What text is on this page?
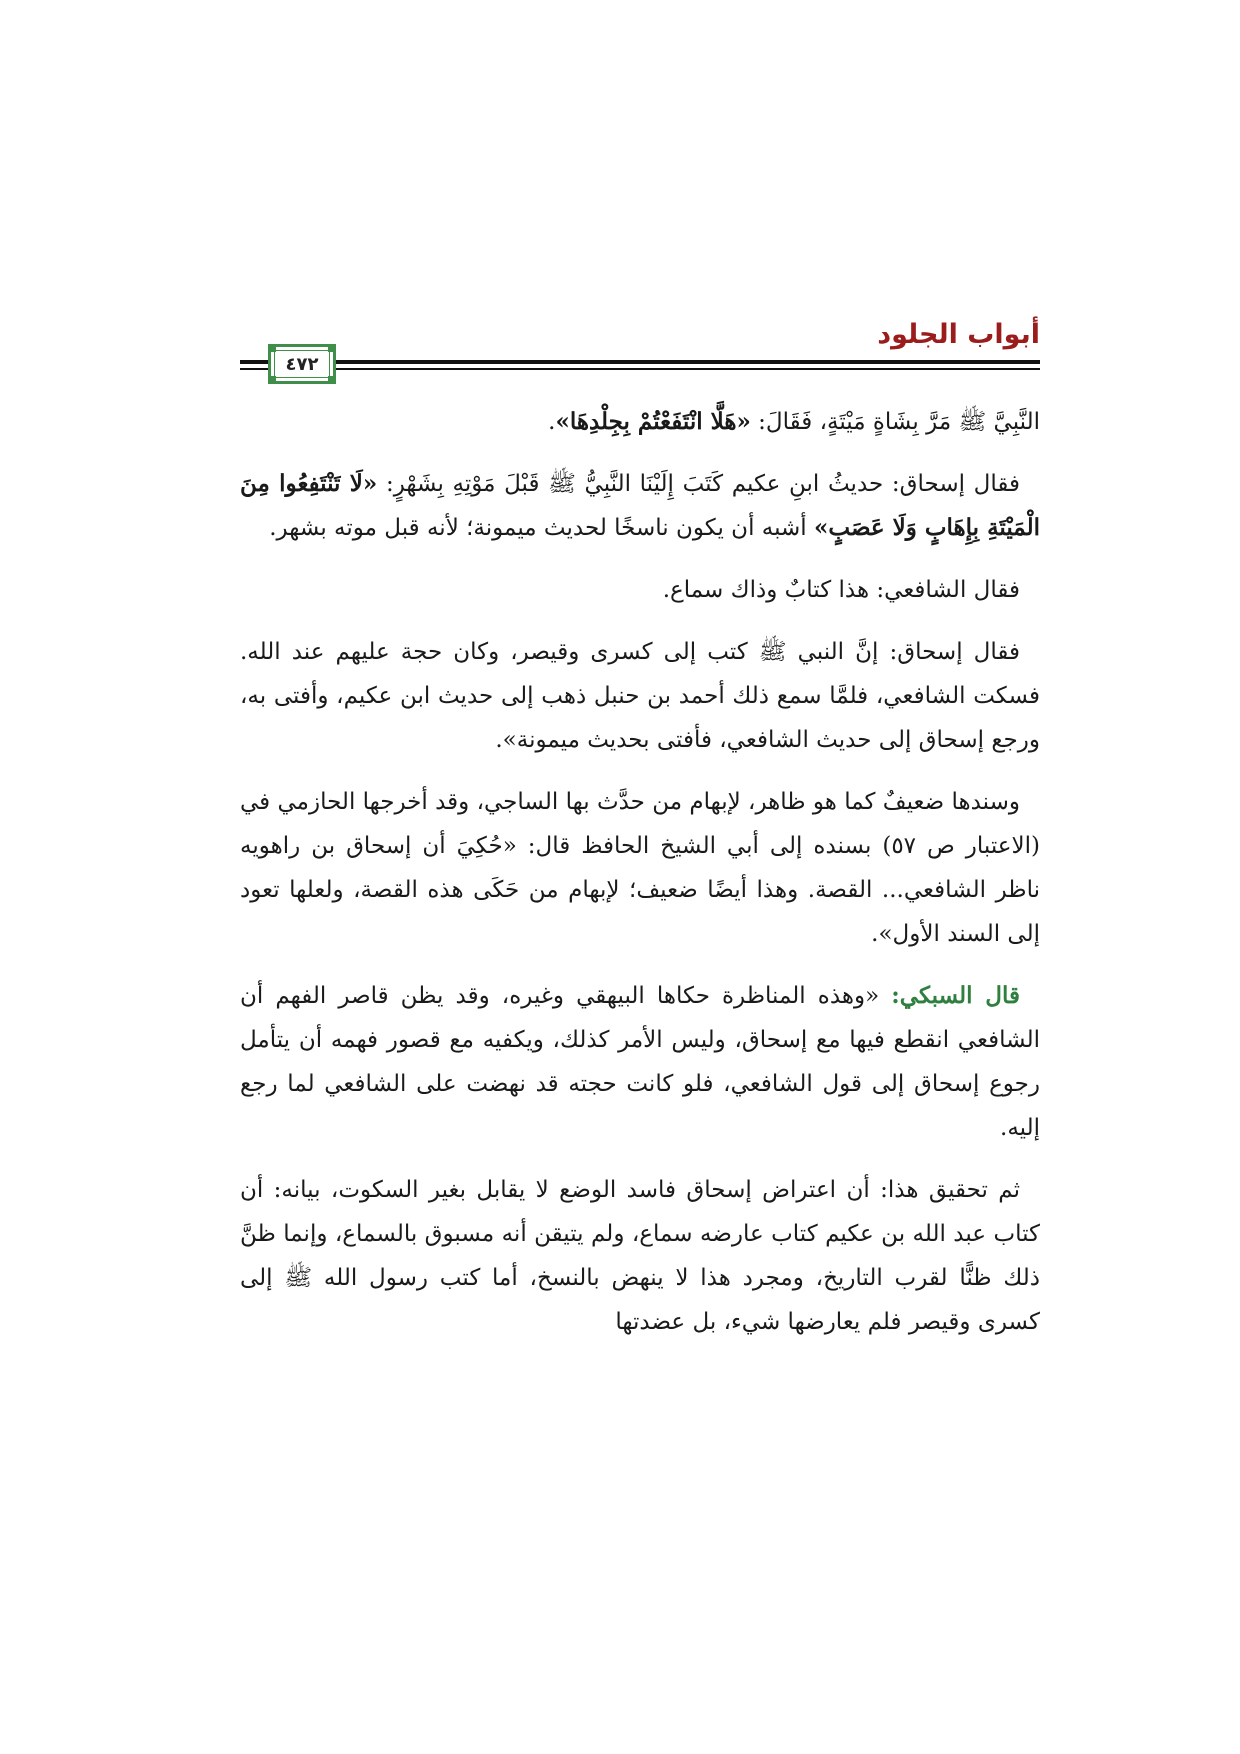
أبواب الجلود
٤٧٢

النَّبِيَّ ﷺ مَرَّ بِشَاةٍ مَيْتَةٍ، فَقَالَ: «هَلَّا انْتَفَعْتُمْ بِجِلْدِهَا».

فقال إسحاق: حديثُ ابنِ عكيم كَتَبَ إِلَيْنَا النَّبِيُّ ﷺ قَبْلَ مَوْتِهِ بِشَهْرٍ: «لَا تَنْتَفِعُوا مِنَ الْمَيْتَةِ بِإِهَابٍ وَلَا عَصَبٍ» أشبه أن يكون ناسخًا لحديث ميمونة؛ لأنه قبل موته بشهر.

فقال الشافعي: هذا كتابٌ وذاك سماع.

فقال إسحاق: إنَّ النبي ﷺ كتب إلى كسرى وقيصر، وكان حجة عليهم عند الله. فسكت الشافعي، فلمَّا سمع ذلك أحمد بن حنبل ذهب إلى حديث ابن عكيم، وأفتى به، ورجع إسحاق إلى حديث الشافعي، فأفتى بحديث ميمونة».

وسندها ضعيفٌ كما هو ظاهر، لإبهام من حدَّث بها الساجي، وقد أخرجها الحازمي في (الاعتبار ص ٥٧) بسنده إلى أبي الشيخ الحافظ قال: «حُكِيَ أن إسحاق بن راهويه ناظر الشافعي... القصة. وهذا أيضًا ضعيف؛ لإبهام من حَكَى هذه القصة، ولعلها تعود إلى السند الأول».

قال السبكي: «وهذه المناظرة حكاها البيهقي وغيره، وقد يظن قاصر الفهم أن الشافعي انقطع فيها مع إسحاق، وليس الأمر كذلك، ويكفيه مع قصور فهمه أن يتأمل رجوع إسحاق إلى قول الشافعي، فلو كانت حجته قد نهضت على الشافعي لما رجع إليه.

ثم تحقيق هذا: أن اعتراض إسحاق فاسد الوضع لا يقابل بغير السكوت، بيانه: أن كتاب عبد الله بن عكيم كتاب عارضه سماع، ولم يتيقن أنه مسبوق بالسماع، وإنما ظنَّ ذلك ظنًّا لقرب التاريخ، ومجرد هذا لا ينهض بالنسخ، أما كتب رسول الله ﷺ إلى كسرى وقيصر فلم يعارضها شيء، بل عضدتها
